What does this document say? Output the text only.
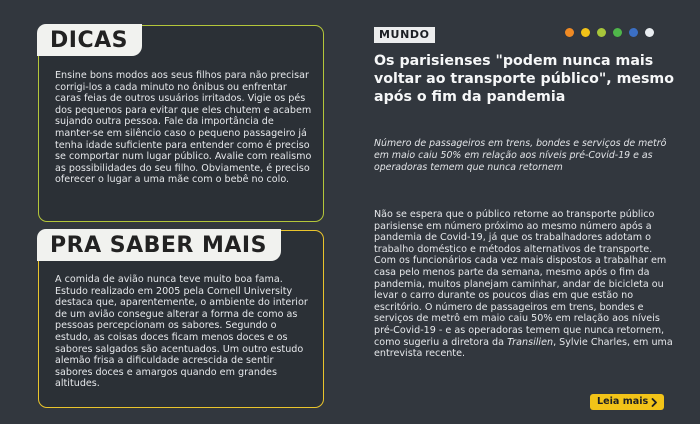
DICAS
Ensine bons modos aos seus filhos para não precisar corrigi-los a cada minuto no ônibus ou enfrentar caras feias de outros usuários irritados. Vigie os pés dos pequenos para evitar que eles chutem e acabem sujando outra pessoa. Fale da importância de manter-se em silêncio caso o pequeno passageiro já tenha idade suficiente para entender como é preciso se comportar num lugar público. Avalie com realismo as possibilidades do seu filho. Obviamente, é preciso oferecer o lugar a uma mãe com o bebê no colo.
PRA SABER MAIS
A comida de avião nunca teve muito boa fama. Estudo realizado em 2005 pela Cornell University destaca que, aparentemente, o ambiente do interior de um avião consegue alterar a forma de como as pessoas percepcionam os sabores. Segundo o estudo, as coisas doces ficam menos doces e os sabores salgados são acentuados. Um outro estudo alemão frisa a dificuldade acrescida de sentir sabores doces e amargos quando em grandes altitudes.
MUNDO
Os parisienses "podem nunca mais voltar ao transporte público", mesmo após o fim da pandemia
Número de passageiros em trens, bondes e serviços de metrô em maio caiu 50% em relação aos níveis pré-Covid-19 e as operadoras temem que nunca retornem
Não se espera que o público retorne ao transporte público parisiense em número próximo ao mesmo número após a pandemia de Covid-19, já que os trabalhadores adotam o trabalho doméstico e métodos alternativos de transporte. Com os funcionários cada vez mais dispostos a trabalhar em casa pelo menos parte da semana, mesmo após o fim da pandemia, muitos planejam caminhar, andar de bicicleta ou levar o carro durante os poucos dias em que estão no escritório. O número de passageiros em trens, bondes e serviços de metrô em maio caiu 50% em relação aos níveis pré-Covid-19 - e as operadoras temem que nunca retornem, como sugeriu a diretora da Transilien, Sylvie Charles, em uma entrevista recente.
Leia mais
